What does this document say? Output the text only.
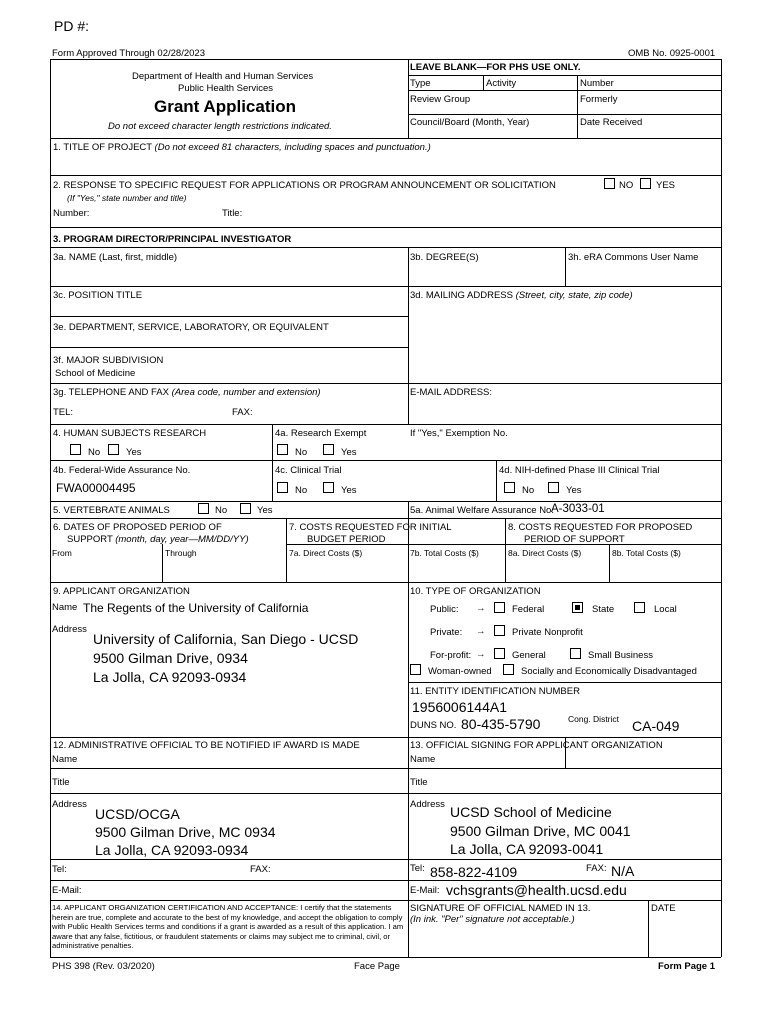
PD #:
Form Approved Through 02/28/2023	OMB No. 0925-0001
Department of Health and Human Services
Public Health Services
Grant Application
Do not exceed character length restrictions indicated.
LEAVE BLANK—FOR PHS USE ONLY.
Type	Activity	Number
Review Group	Formerly
Council/Board (Month, Year)	Date Received
1. TITLE OF PROJECT (Do not exceed 81 characters, including spaces and punctuation.)
2. RESPONSE TO SPECIFIC REQUEST FOR APPLICATIONS OR PROGRAM ANNOUNCEMENT OR SOLICITATION	NO YES
(If "Yes," state number and title)
Number:	Title:
3. PROGRAM DIRECTOR/PRINCIPAL INVESTIGATOR
3a. NAME (Last, first, middle)	3b. DEGREE(S)	3h. eRA Commons User Name
3c. POSITION TITLE	3d. MAILING ADDRESS (Street, city, state, zip code)
3e. DEPARTMENT, SERVICE, LABORATORY, OR EQUIVALENT
3f. MAJOR SUBDIVISION
School of Medicine
3g. TELEPHONE AND FAX (Area code, number and extension)	E-MAIL ADDRESS:
TEL:	FAX:
4. HUMAN SUBJECTS RESEARCH
No	Yes
4a. Research Exempt
No	Yes
If "Yes," Exemption No.
4b. Federal-Wide Assurance No.
FWA00004495
4c. Clinical Trial
No	Yes
4d. NIH-defined Phase III Clinical Trial
No	Yes
5. VERTEBRATE ANIMALS	No	Yes	5a. Animal Welfare Assurance No.
A-3033-01
6. DATES OF PROPOSED PERIOD OF
SUPPORT (month, day, year—MM/DD/YY)
From	Through
7. COSTS REQUESTED FOR INITIAL
BUDGET PERIOD
7a. Direct Costs ($)	7b. Total Costs ($)
8. COSTS REQUESTED FOR PROPOSED
PERIOD OF SUPPORT
8a. Direct Costs ($)	8b. Total Costs ($)
9. APPLICANT ORGANIZATION
Name The Regents of the University of California
Address
University of California, San Diego - UCSD
9500 Gilman Drive, 0934
La Jolla, CA 92093-0934
10. TYPE OF ORGANIZATION
Public: →	Federal	State	Local
Private: →	Private Nonprofit
For-profit: →	General	Small Business
Woman-owned	Socially and Economically Disadvantaged
11. ENTITY IDENTIFICATION NUMBER
1956006144A1
DUNS NO. 80-435-5790	Cong. District CA-049
12. ADMINISTRATIVE OFFICIAL TO BE NOTIFIED IF AWARD IS MADE
Name
Title
Address
UCSD/OCGA
9500 Gilman Drive, MC 0934
La Jolla, CA 92093-0934
Tel:	FAX:
E-Mail:
13. OFFICIAL SIGNING FOR APPLICANT ORGANIZATION
Name
Title
Address UCSD School of Medicine
9500 Gilman Drive, MC 0041
La Jolla, CA 92093-0041
Tel: 858-822-4109	FAX: N/A
E-Mail: vchsgrants@health.ucsd.edu
14. APPLICANT ORGANIZATION CERTIFICATION AND ACCEPTANCE: I certify that the statements herein are true, complete and accurate to the best of my knowledge, and accept the obligation to comply with Public Health Services terms and conditions if a grant is awarded as a result of this application. I am aware that any false, fictitious, or fraudulent statements or claims may subject me to criminal, civil, or administrative penalties.
SIGNATURE OF OFFICIAL NAMED IN 13.
(In ink. "Per" signature not acceptable.)
DATE
PHS 398 (Rev. 03/2020)	Face Page	Form Page 1
